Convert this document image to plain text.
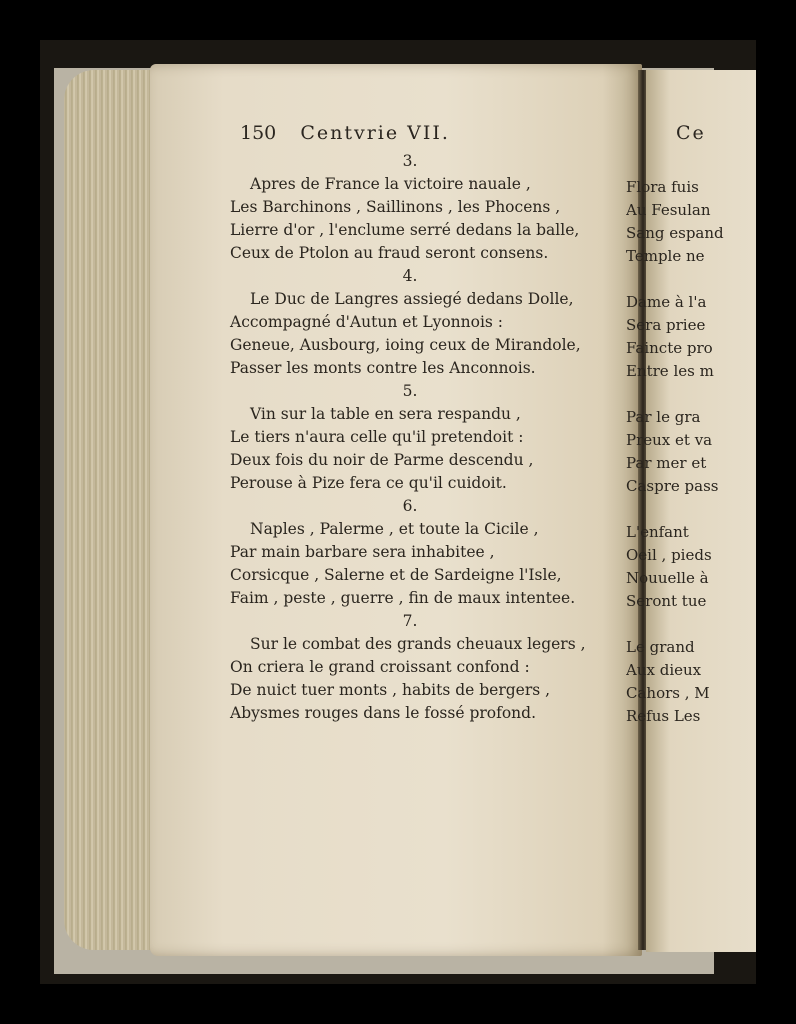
150 Centvrie VII.
3.
Apres de France la victoire nauale ,
Les Barchinons , Saillinons , les Phocens ,
Lierre d'or , l'enclume serré dedans la balle,
Ceux de Ptolon au fraud seront consens.
4.
Le Duc de Langres assiegé dedans Dolle,
Accompagné d'Autun et Lyonnois :
Geneue, Ausbourg, ioing ceux de Mirandole,
Passer les monts contre les Anconnois.
5.
Vin sur la table en sera respandu ,
Le tiers n'aura celle qu'il pretendoit :
Deux fois du noir de Parme descendu ,
Perouse à Pize fera ce qu'il cuidoit.
6.
Naples , Palerme , et toute la Cicile ,
Par main barbare sera inhabitee ,
Corsicque , Salerne et de Sardeigne l'Isle,
Faim , peste , guerre , fin de maux intentee.
7.
Sur le combat des grands cheuaux legers ,
On criera le grand croissant confond :
De nuict tuer monts , habits de bergers ,
Abysmes rouges dans le fossé profond.
Ce
Flora fuis
Au Fesulan
Sang espand
Temple ne
Dame à l'a
Sera priee
Faincte pro
Entre les m
Par le gra
Preux et va
Par mer et
Caspre pass
L'enfant
Oeil , pieds
Nouuelle à
Seront tue
Le grand
Aux dieux
Cahors , M
Refus Les
